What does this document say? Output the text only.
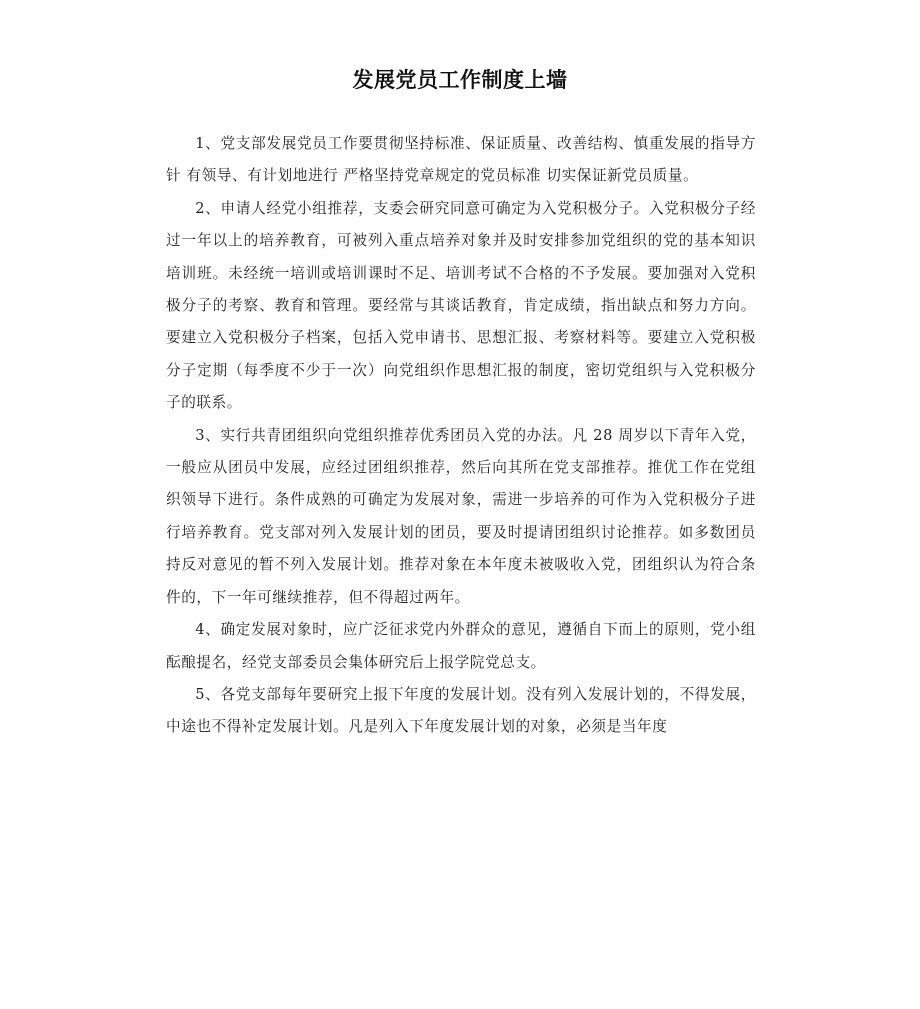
发展党员工作制度上墙

1、党支部发展党员工作要贯彻坚持标准、保证质量、改善结构、慎重发展的指导方针 有领导、有计划地进行 严格坚持党章规定的党员标准 切实保证新党员质量。

2、申请人经党小组推荐，支委会研究同意可确定为入党积极分子。入党积极分子经过一年以上的培养教育，可被列入重点培养对象并及时安排参加党组织的党的基本知识培训班。未经统一培训或培训课时不足、培训考试不合格的不予发展。要加强对入党积极分子的考察、教育和管理。要经常与其谈话教育，肯定成绩，指出缺点和努力方向。要建立入党积极分子档案，包括入党申请书、思想汇报、考察材料等。要建立入党积极分子定期（每季度不少于一次）向党组织作思想汇报的制度，密切党组织与入党积极分子的联系。

3、实行共青团组织向党组织推荐优秀团员入党的办法。凡 28 周岁以下青年入党，一般应从团员中发展，应经过团组织推荐，然后向其所在党支部推荐。推优工作在党组织领导下进行。条件成熟的可确定为发展对象，需进一步培养的可作为入党积极分子进行培养教育。党支部对列入发展计划的团员，要及时提请团组织讨论推荐。如多数团员持反对意见的暂不列入发展计划。推荐对象在本年度未被吸收入党，团组织认为符合条件的，下一年可继续推荐，但不得超过两年。

4、确定发展对象时，应广泛征求党内外群众的意见，遵循自下而上的原则，党小组酝酿提名，经党支部委员会集体研究后上报学院党总支。

5、各党支部每年要研究上报下年度的发展计划。没有列入发展计划的，不得发展，中途也不得补定发展计划。凡是列入下年度发展计划的对象，必须是当年度
